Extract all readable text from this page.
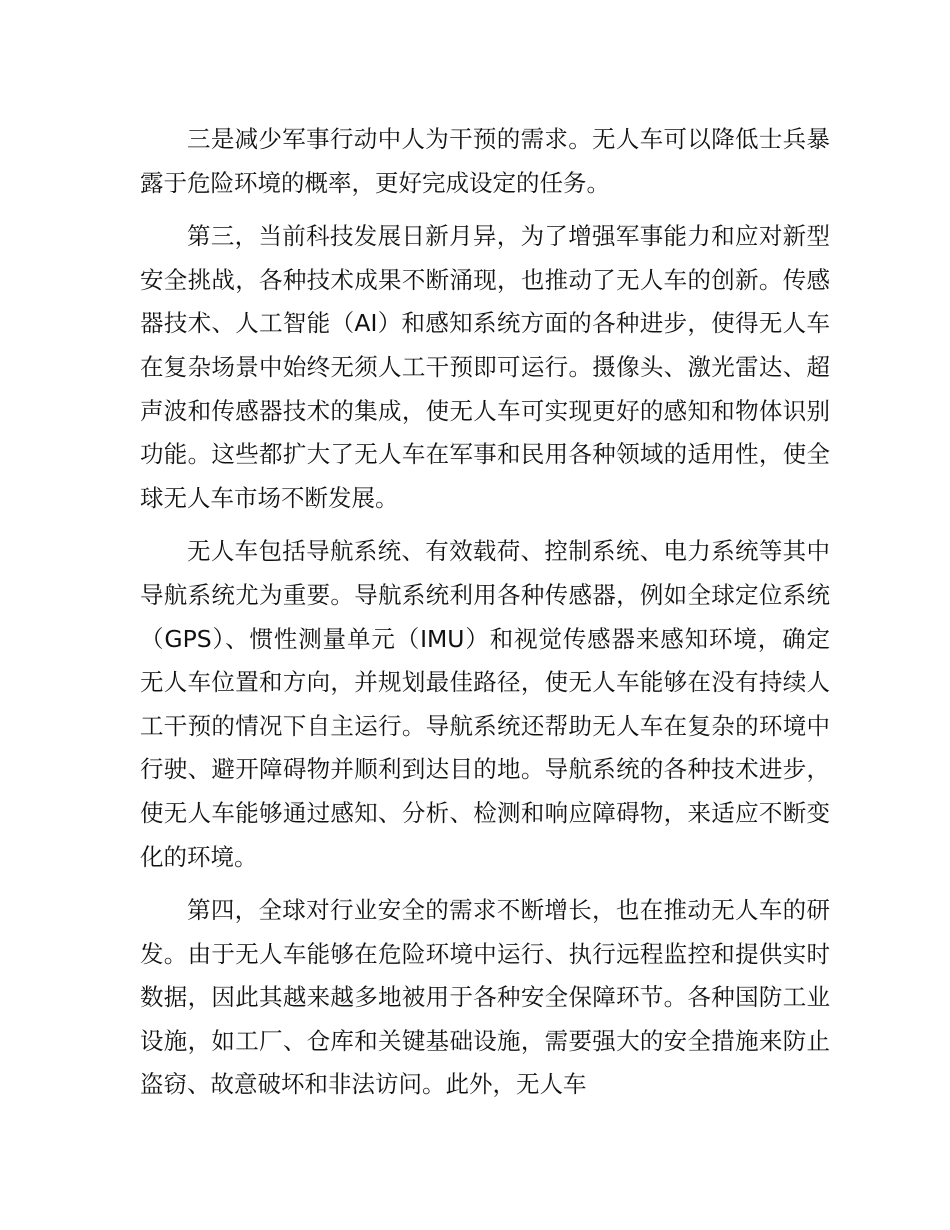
三是减少军事行动中人为干预的需求。无人车可以降低士兵暴露于危险环境的概率，更好完成设定的任务。

第三，当前科技发展日新月异，为了增强军事能力和应对新型安全挑战，各种技术成果不断涌现，也推动了无人车的创新。传感器技术、人工智能（AI）和感知系统方面的各种进步，使得无人车在复杂场景中始终无须人工干预即可运行。摄像头、激光雷达、超声波和传感器技术的集成，使无人车可实现更好的感知和物体识别功能。这些都扩大了无人车在军事和民用各种领域的适用性，使全球无人车市场不断发展。

无人车包括导航系统、有效载荷、控制系统、电力系统等其中导航系统尤为重要。导航系统利用各种传感器，例如全球定位系统（GPS）、惯性测量单元（IMU）和视觉传感器来感知环境，确定无人车位置和方向，并规划最佳路径，使无人车能够在没有持续人工干预的情况下自主运行。导航系统还帮助无人车在复杂的环境中行驶、避开障碍物并顺利到达目的地。导航系统的各种技术进步，使无人车能够通过感知、分析、检测和响应障碍物，来适应不断变化的环境。

第四，全球对行业安全的需求不断增长，也在推动无人车的研发。由于无人车能够在危险环境中运行、执行远程监控和提供实时数据，因此其越来越多地被用于各种安全保障环节。各种国防工业设施，如工厂、仓库和关键基础设施，需要强大的安全措施来防止盗窃、故意破坏和非法访问。此外，无人车
